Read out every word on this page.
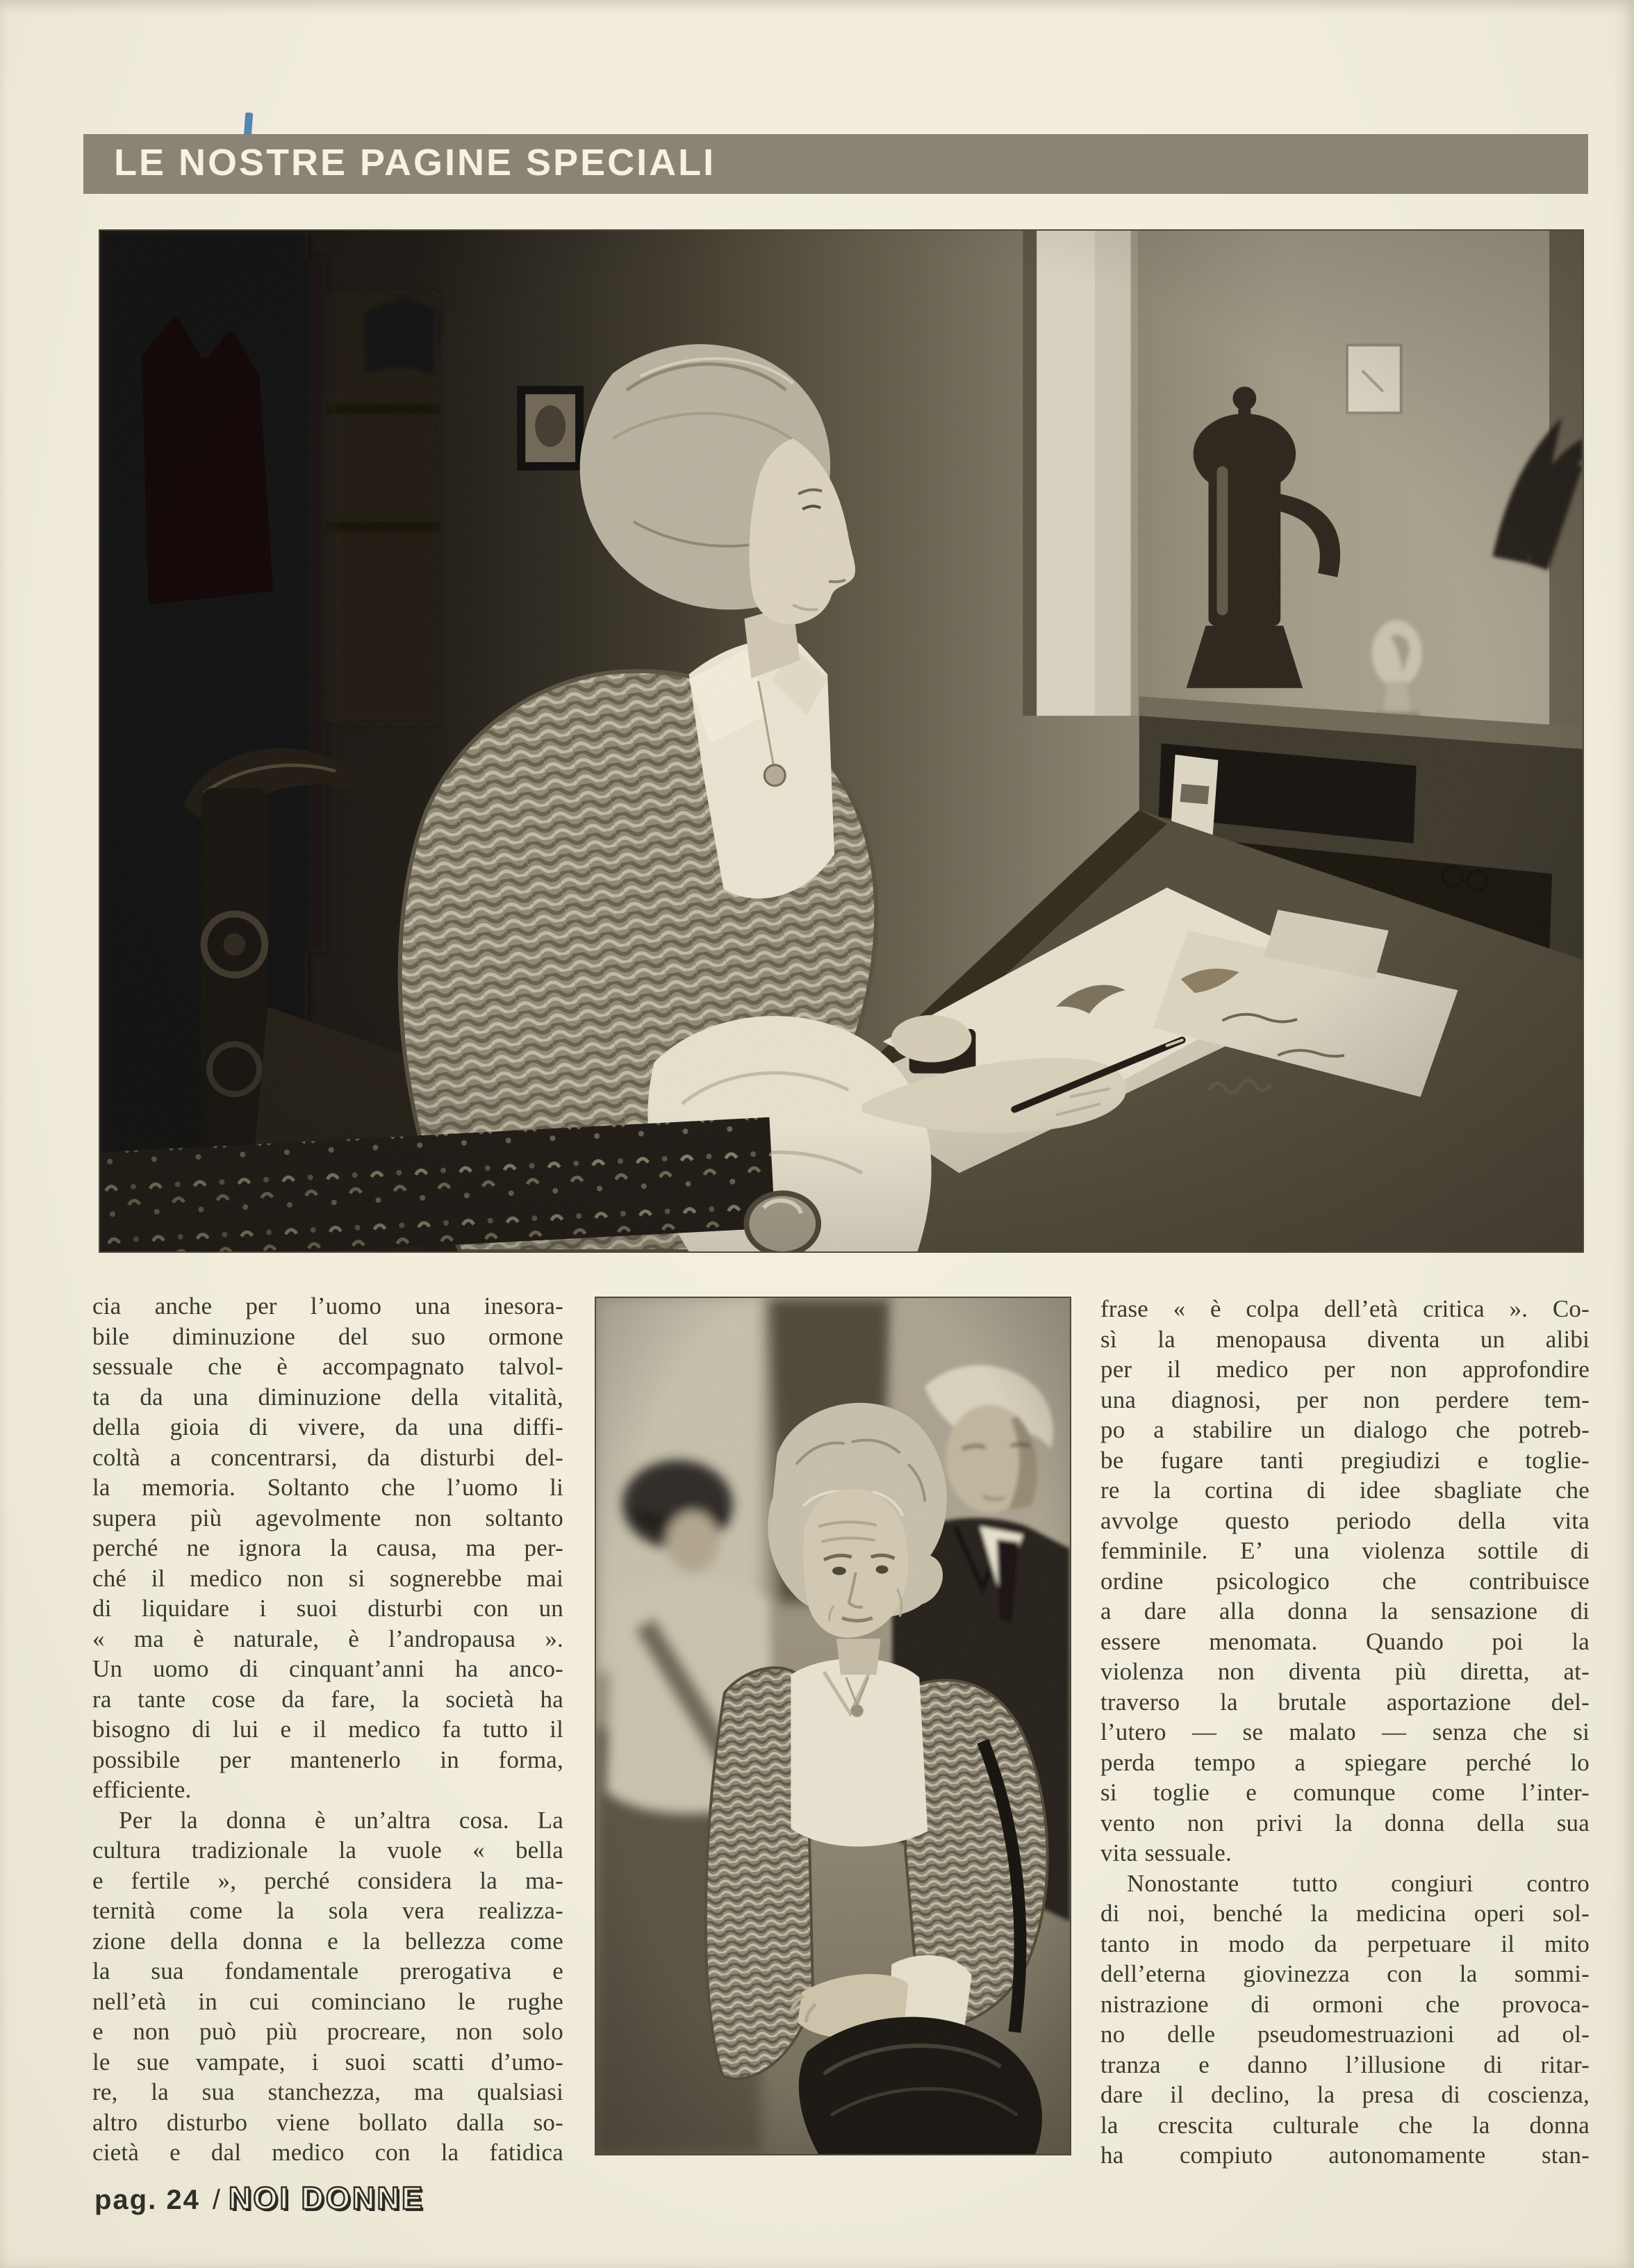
LE NOSTRE PAGINE SPECIALI
cia anche per l’uomo una inesora-
bile diminuzione del suo ormone
sessuale che è accompagnato talvol-
ta da una diminuzione della vitalità,
della gioia di vivere, da una diffi-
coltà a concentrarsi, da disturbi del-
la memoria. Soltanto che l’uomo li
supera più agevolmente non soltanto
perché ne ignora la causa, ma per-
ché il medico non si sognerebbe mai
di liquidare i suoi disturbi con un
« ma è naturale, è l’andropausa ».
Un uomo di cinquant’anni ha anco-
ra tante cose da fare, la società ha
bisogno di lui e il medico fa tutto il
possibile per mantenerlo in forma,
efficiente.
Per la donna è un’altra cosa. La
cultura tradizionale la vuole « bella
e fertile », perché considera la ma-
ternità come la sola vera realizza-
zione della donna e la bellezza come
la sua fondamentale prerogativa e
nell’età in cui cominciano le rughe
e non può più procreare, non solo
le sue vampate, i suoi scatti d’umo-
re, la sua stanchezza, ma qualsiasi
altro disturbo viene bollato dalla so-
cietà e dal medico con la fatidica
frase « è colpa dell’età critica ». Co-
sì la menopausa diventa un alibi
per il medico per non approfondire
una diagnosi, per non perdere tem-
po a stabilire un dialogo che potreb-
be fugare tanti pregiudizi e toglie-
re la cortina di idee sbagliate che
avvolge questo periodo della vita
femminile. E’ una violenza sottile di
ordine psicologico che contribuisce
a dare alla donna la sensazione di
essere menomata. Quando poi la
violenza non diventa più diretta, at-
traverso la brutale asportazione del-
l’utero — se malato — senza che si
perda tempo a spiegare perché lo
si toglie e comunque come l’inter-
vento non privi la donna della sua
vita sessuale.
Nonostante tutto congiuri contro
di noi, benché la medicina operi sol-
tanto in modo da perpetuare il mito
dell’eterna giovinezza con la sommi-
nistrazione di ormoni che provoca-
no delle pseudomestruazioni ad ol-
tranza e danno l’illusione di ritar-
dare il declino, la presa di coscienza,
la crescita culturale che la donna
ha compiuto autonomamente stan-
pag. 24 / NOI DONNE
